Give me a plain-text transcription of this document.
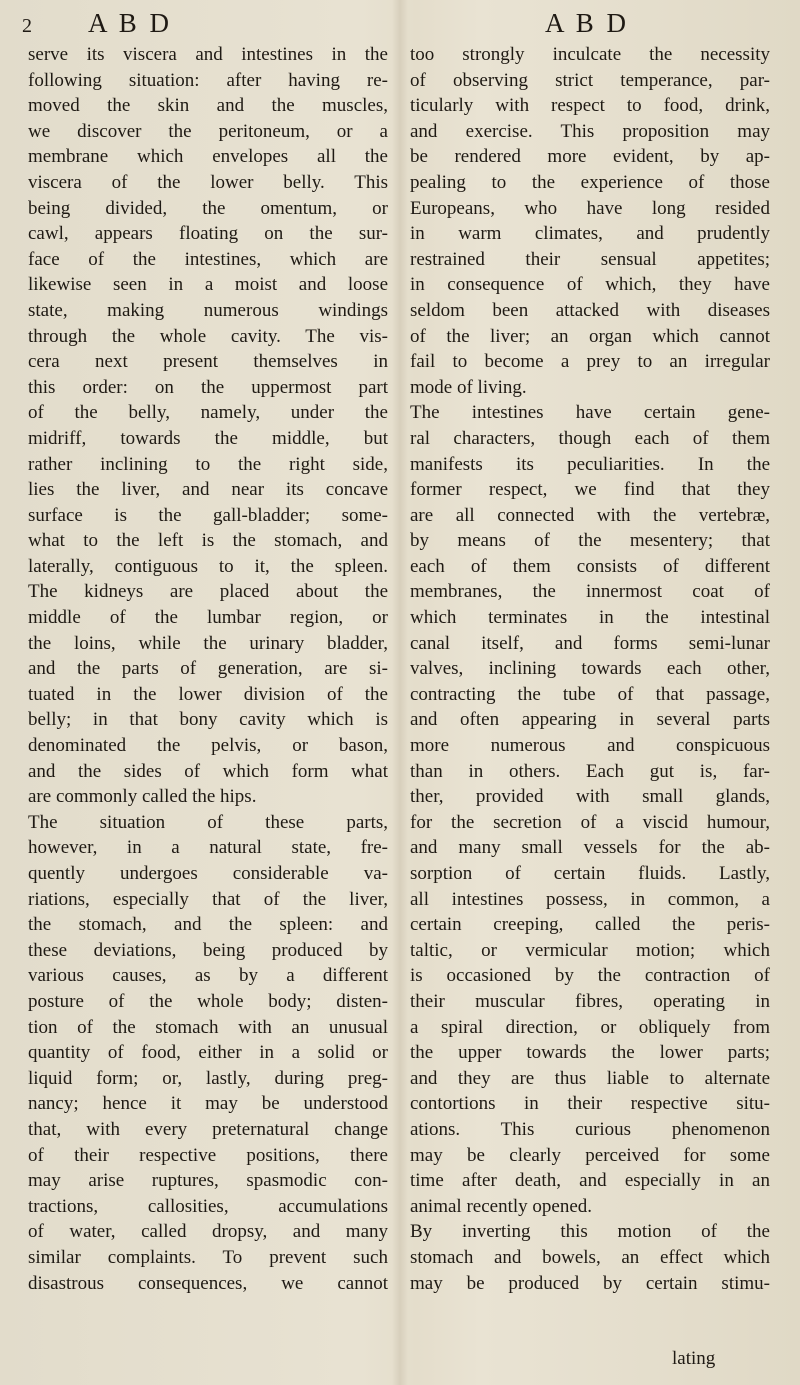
2 A B D	A B D
serve its viscera and intestines in the
following situation: after having re-
moved the skin and the muscles,
we discover the peritoneum, or a
membrane which envelopes all the
viscera of the lower belly. This
being divided, the omentum, or
cawl, appears floating on the sur-
face of the intestines, which are
likewise seen in a moist and loose
state, making numerous windings
through the whole cavity. The vis-
cera next present themselves in
this order: on the uppermost part
of the belly, namely, under the
midriff, towards the middle, but
rather inclining to the right side,
lies the liver, and near its concave
surface is the gall-bladder; some-
what to the left is the stomach, and
laterally, contiguous to it, the spleen.
The kidneys are placed about the
middle of the lumbar region, or
the loins, while the urinary bladder,
and the parts of generation, are si-
tuated in the lower division of the
belly; in that bony cavity which is
denominated the pelvis, or bason,
and the sides of which form what
are commonly called the hips.
The situation of these parts,
however, in a natural state, fre-
quently undergoes considerable va-
riations, especially that of the liver,
the stomach, and the spleen: and
these deviations, being produced by
various causes, as by a different
posture of the whole body; disten-
tion of the stomach with an unusual
quantity of food, either in a solid or
liquid form; or, lastly, during preg-
nancy; hence it may be understood
that, with every preternatural change
of their respective positions, there
may arise ruptures, spasmodic con-
tractions, callosities, accumulations
of water, called dropsy, and many
similar complaints. To prevent such
disastrous consequences, we cannot
too strongly inculcate the necessity
of observing strict temperance, par-
ticularly with respect to food, drink,
and exercise. This proposition may
be rendered more evident, by ap-
pealing to the experience of those
Europeans, who have long resided
in warm climates, and prudently
restrained their sensual appetites;
in consequence of which, they have
seldom been attacked with diseases
of the liver; an organ which cannot
fail to become a prey to an irregular
mode of living.
The intestines have certain gene-
ral characters, though each of them
manifests its peculiarities. In the
former respect, we find that they
are all connected with the vertebræ,
by means of the mesentery; that
each of them consists of different
membranes, the innermost coat of
which terminates in the intestinal
canal itself, and forms semi-lunar
valves, inclining towards each other,
contracting the tube of that passage,
and often appearing in several parts
more numerous and conspicuous
than in others. Each gut is, far-
ther, provided with small glands,
for the secretion of a viscid humour,
and many small vessels for the ab-
sorption of certain fluids. Lastly,
all intestines possess, in common, a
certain creeping, called the peris-
taltic, or vermicular motion; which
is occasioned by the contraction of
their muscular fibres, operating in
a spiral direction, or obliquely from
the upper towards the lower parts;
and they are thus liable to alternate
contortions in their respective situ-
ations. This curious phenomenon
may be clearly perceived for some
time after death, and especially in an
animal recently opened.
By inverting this motion of the
stomach and bowels, an effect which
may be produced by certain stimu-
lating
